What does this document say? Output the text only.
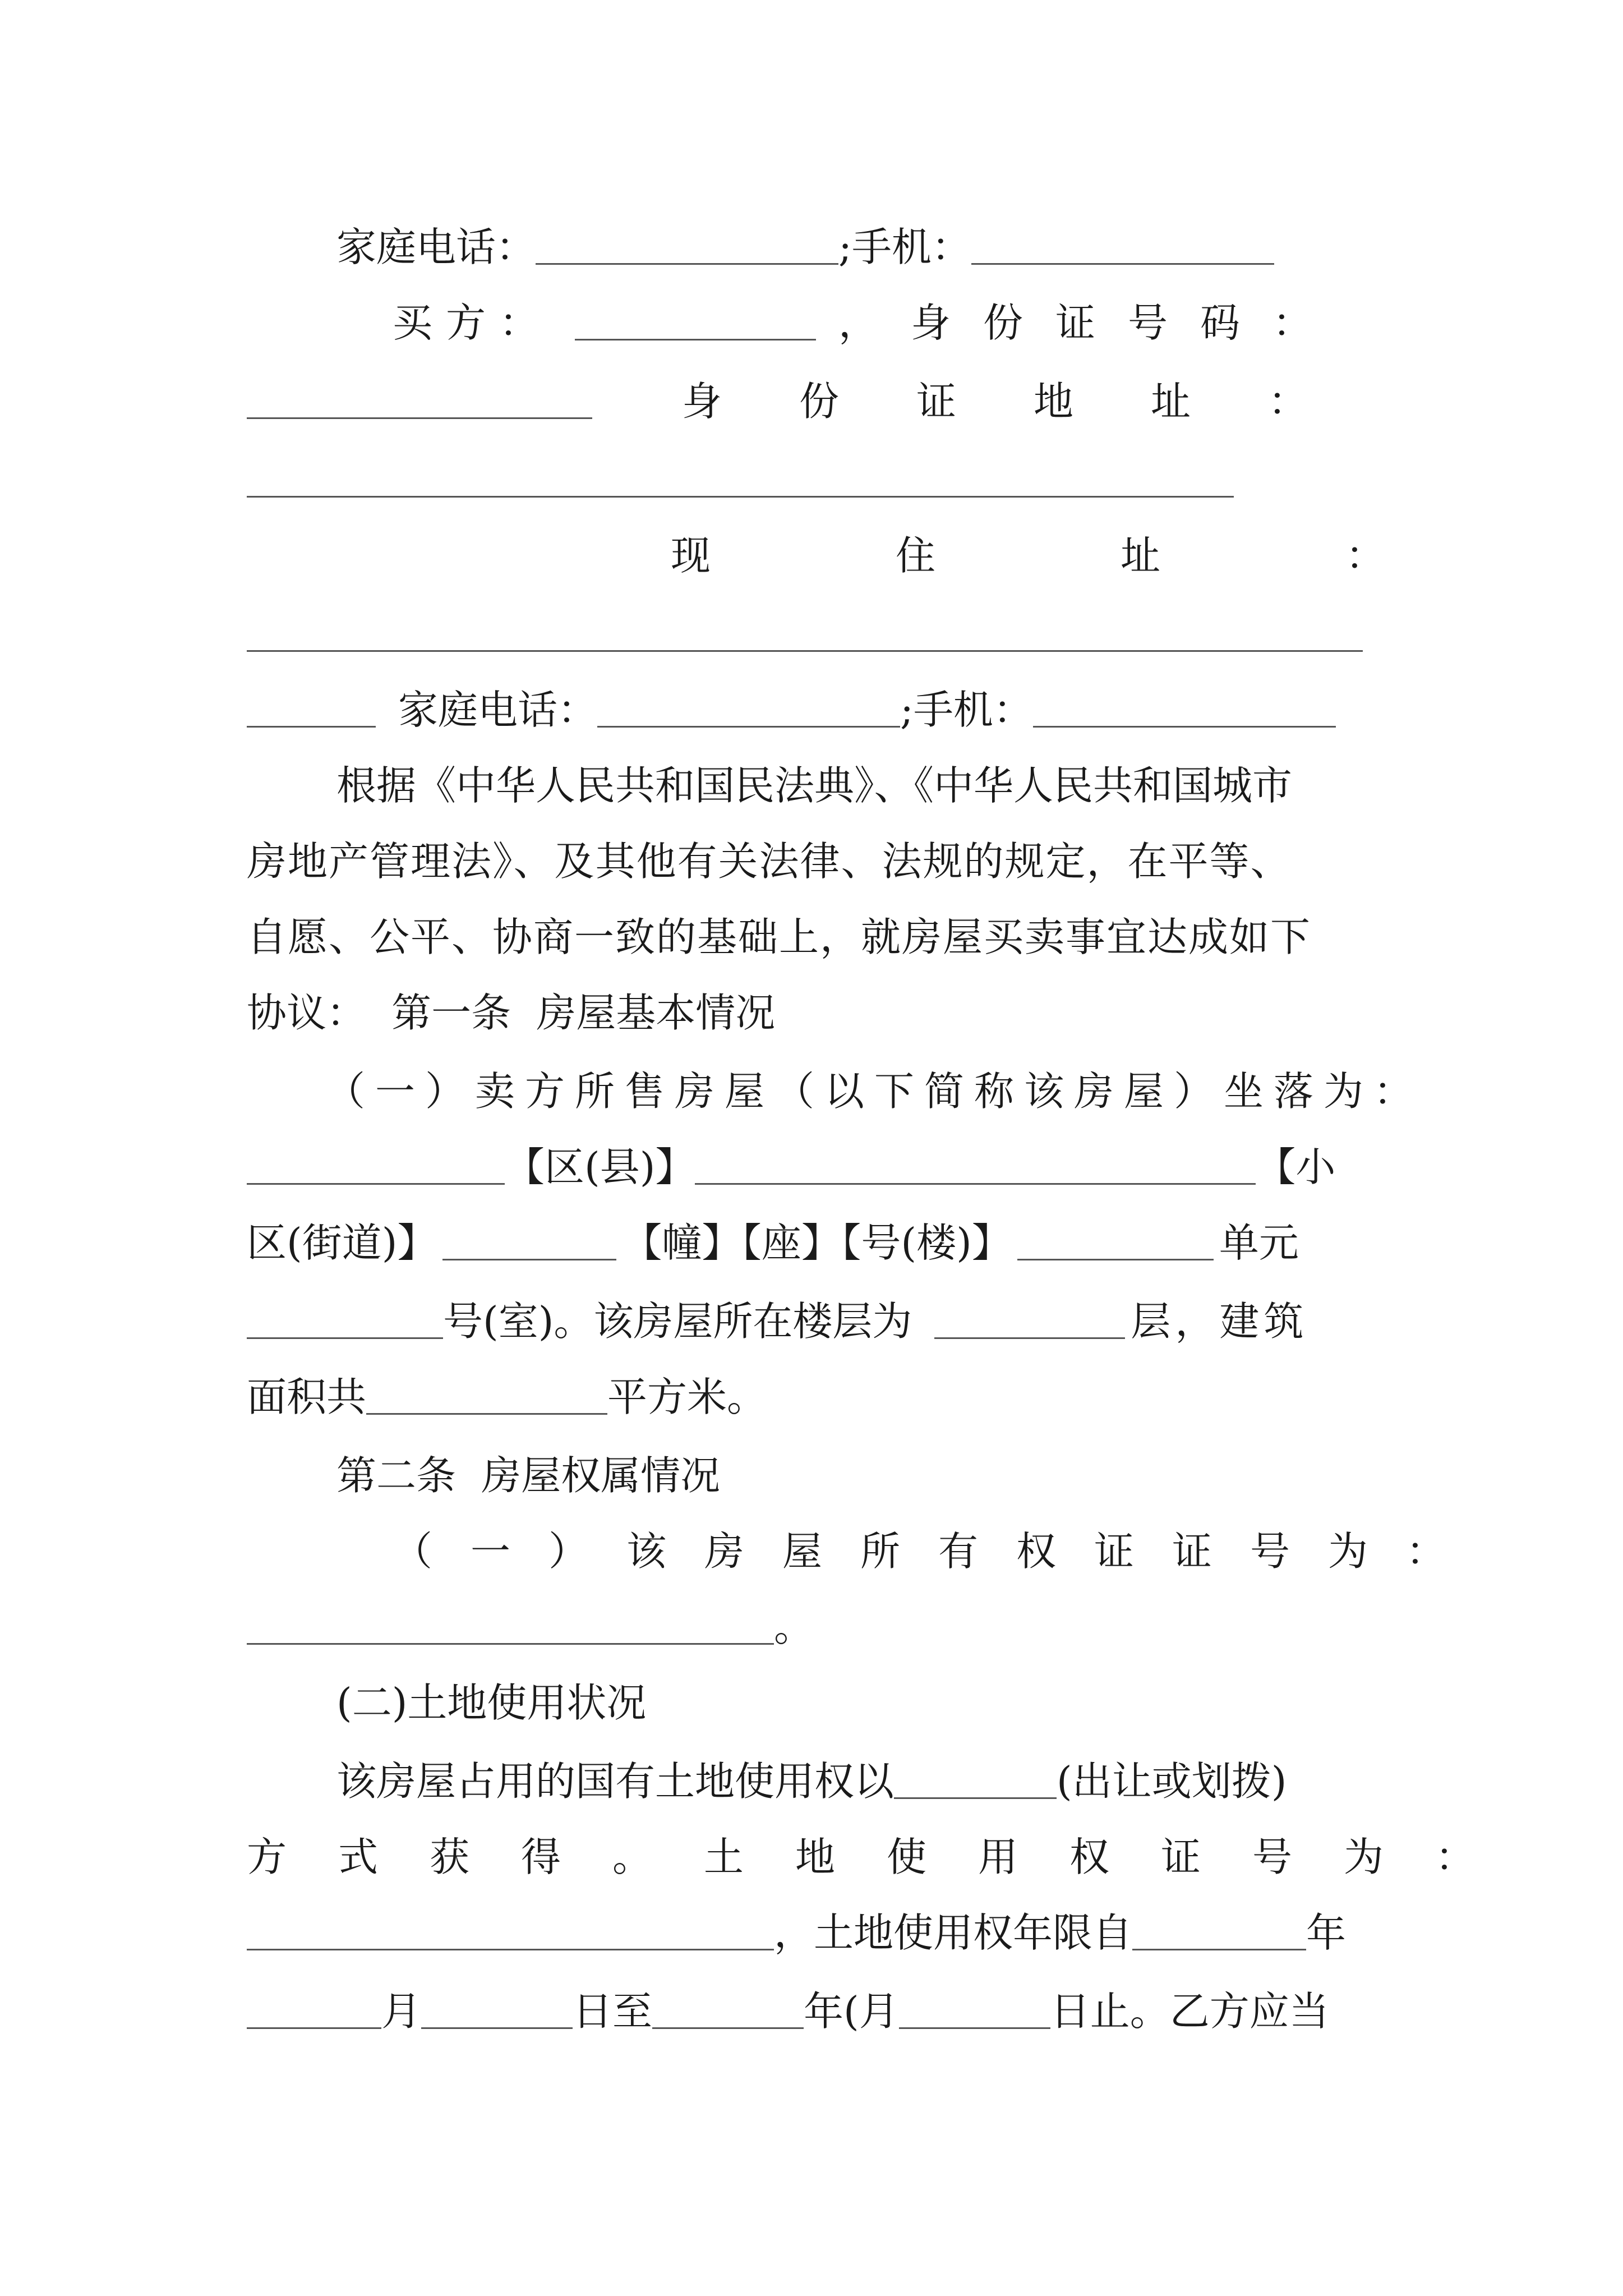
家庭电话：	;手机：
买方：	，身份证号码：
身份证地址：
现住址：
家庭电话：	;手机：
根据《中华人民共和国民法典》、《中华人民共和国城市
房地产管理法》、及其他有关法律、法规的规定，在平等、
自愿、公平、协商一致的基础上，就房屋买卖事宜达成如下
协议：  第一条  房屋基本情况
（一）卖方所售房屋（以下简称该房屋）坐落为：
【区(县)】	【小
区(街道)】	【幢】【座】【号(楼)】	单元
号(室)。该房屋所在楼层为	层，建筑
面积共	平方米。
第二条  房屋权属情况
（一）该房屋所有权证证号为：
。
(二)土地使用状况
该房屋占用的国有土地使用权以	(出让或划拨)
方式获得。土地使用权证号为：
，土地使用权年限自	年
月	日至	年(月	日止。乙方应当
